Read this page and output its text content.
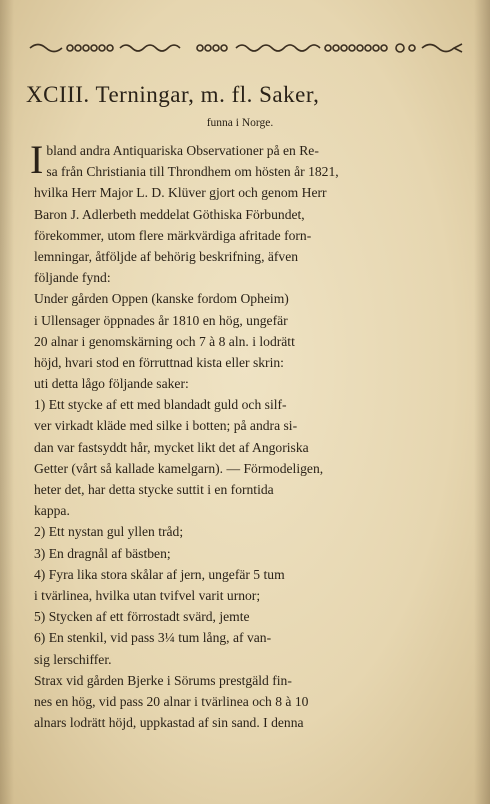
XCIII. Terningar, m. fl. Saker,
funna i Norge.
I bland andra Antiquariska Observationer på en Re-
sa från Christiania till Throndhem om hösten år 1821,
hvilka Herr Major L. D. Klüver gjort och genom Herr
Baron J. Adlerbeth meddelat Göthiska Förbundet,
förekommer, utom flere märkvärdiga afritade forn-
lemningar, åtföljde af behörig beskrifning, äfven
följande fynd:
Under gården Oppen (kanske fordom Opheim)
i Ullensager öppnades år 1810 en hög, ungefär
20 alnar i genomskärning och 7 à 8 aln. i lodrätt
höjd, hvari stod en förruttnad kista eller skrin:
uti detta lågo följande saker:
1) Ett stycke af ett med blandadt guld och silf-
ver virkadt kläde med silke i botten; på andra si-
dan var fastsyddt hår, mycket likt det af Angoriska
Getter (vårt så kallade kamelgarn). — Förmodeligen,
heter det, har detta stycke suttit i en forntida
kappa.
2) Ett nystan gul yllen tråd;
3) En dragnål af bästben;
4) Fyra lika stora skålar af jern, ungefär 5 tum
i tvärlinea, hvilka utan tvifvel varit urnor;
5) Stycken af ett förrostadt svärd, jemte
6) En stenkil, vid pass 3¼ tum lång, af van-
sig lerschiffer.
Strax vid gården Bjerke i Sörums prestgäld fin-
nes en hög, vid pass 20 alnar i tvärlinea och 8 à 10
alnars lodrätt höjd, uppkastad af sin sand. I denna
